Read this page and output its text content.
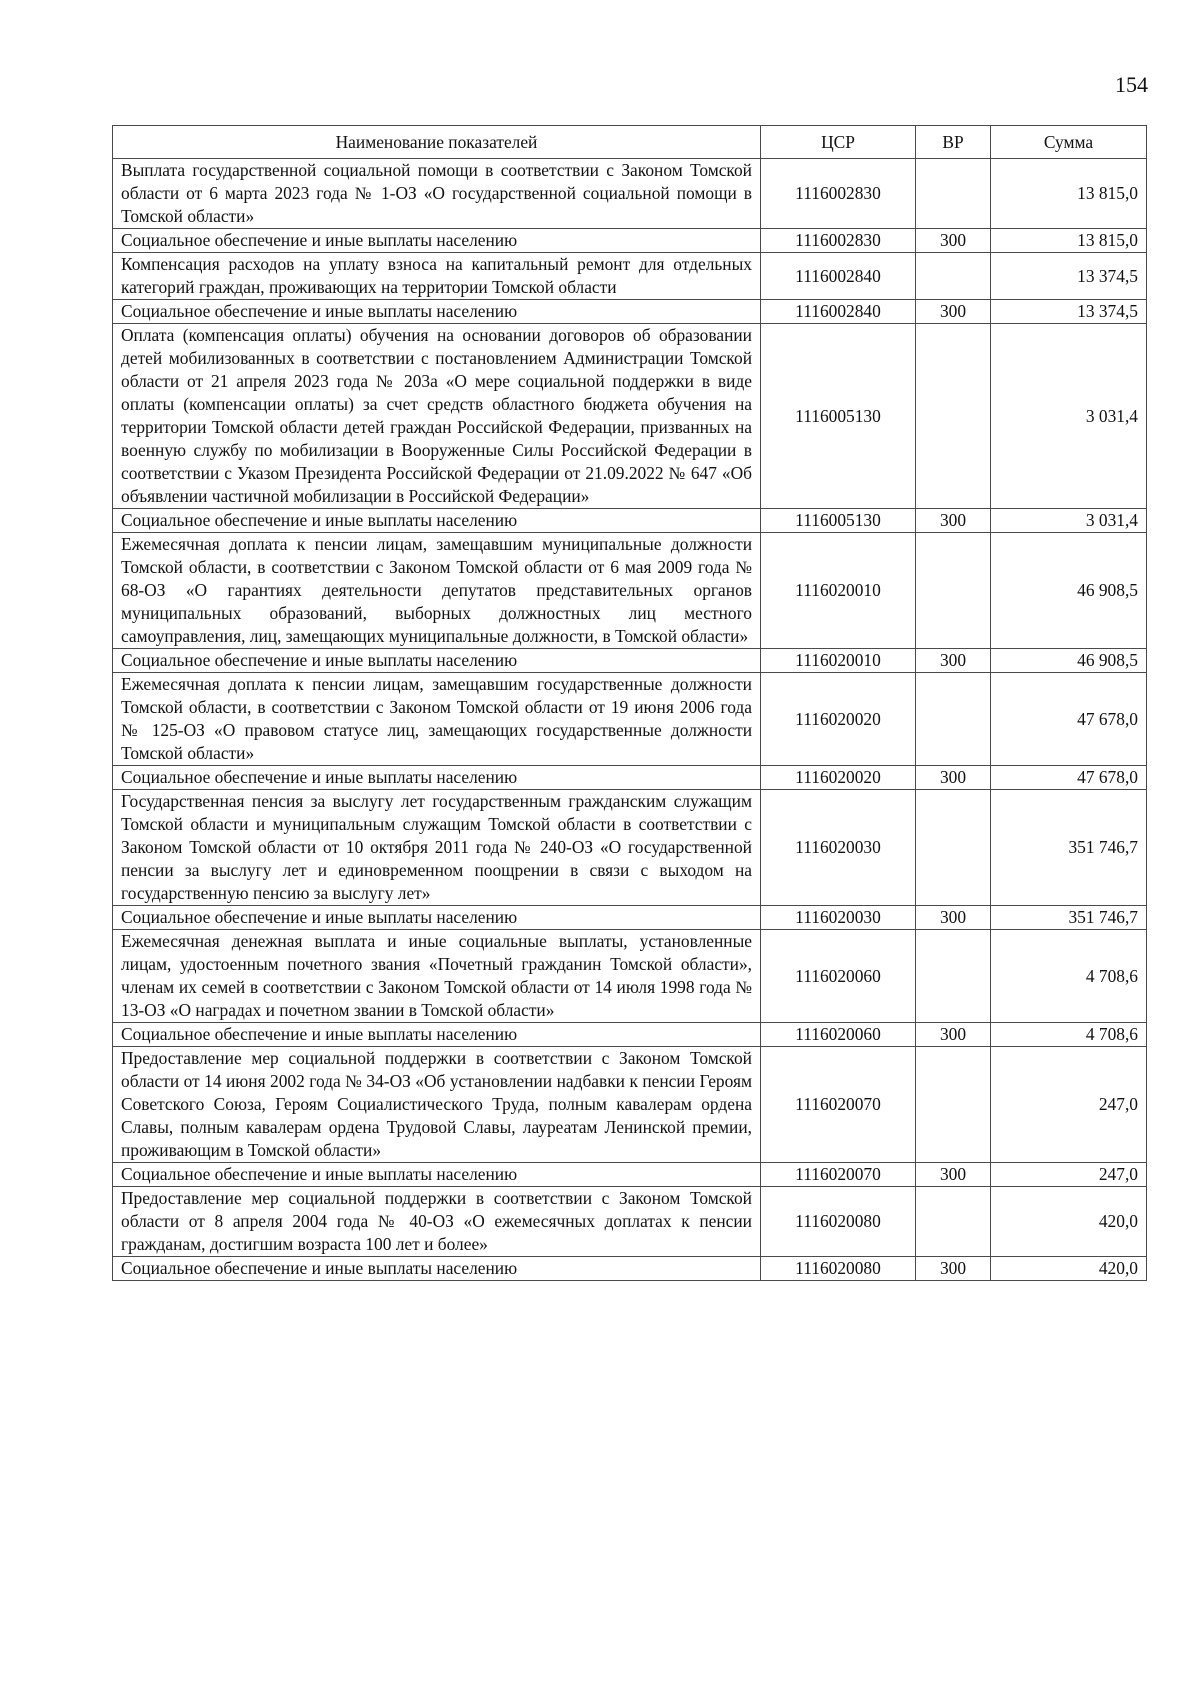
154
Наименование показателей	ЦСР	ВР	Сумма
Выплата государственной социальной помощи в соответствии с Законом Томской области от 6 марта 2023 года № 1-ОЗ «О государственной социальной помощи в Томской области»	1116002830		13 815,0
Социальное обеспечение и иные выплаты населению	1116002830	300	13 815,0
Компенсация расходов на уплату взноса на капитальный ремонт для отдельных категорий граждан, проживающих на территории Томской области	1116002840		13 374,5
Социальное обеспечение и иные выплаты населению	1116002840	300	13 374,5
Оплата (компенсация оплаты) обучения на основании договоров об образовании детей мобилизованных в соответствии с постановлением Администрации Томской области от 21 апреля 2023 года № 203а «О мере социальной поддержки в виде оплаты (компенсации оплаты) за счет средств областного бюджета обучения на территории Томской области детей граждан Российской Федерации, призванных на военную службу по мобилизации в Вооруженные Силы Российской Федерации в соответствии с Указом Президента Российской Федерации от 21.09.2022 № 647 «Об объявлении частичной мобилизации в Российской Федерации»	1116005130		3 031,4
Социальное обеспечение и иные выплаты населению	1116005130	300	3 031,4
Ежемесячная доплата к пенсии лицам, замещавшим муниципальные должности Томской области, в соответствии с Законом Томской области от 6 мая 2009 года № 68-ОЗ «О гарантиях деятельности депутатов представительных органов муниципальных образований, выборных должностных лиц местного самоуправления, лиц, замещающих муниципальные должности, в Томской области»	1116020010		46 908,5
Социальное обеспечение и иные выплаты населению	1116020010	300	46 908,5
Ежемесячная доплата к пенсии лицам, замещавшим государственные должности Томской области, в соответствии с Законом Томской области от 19 июня 2006 года № 125-ОЗ «О правовом статусе лиц, замещающих государственные должности Томской области»	1116020020		47 678,0
Социальное обеспечение и иные выплаты населению	1116020020	300	47 678,0
Государственная пенсия за выслугу лет государственным гражданским служащим Томской области и муниципальным служащим Томской области в соответствии с Законом Томской области от 10 октября 2011 года № 240-ОЗ «О государственной пенсии за выслугу лет и единовременном поощрении в связи с выходом на государственную пенсию за выслугу лет»	1116020030		351 746,7
Социальное обеспечение и иные выплаты населению	1116020030	300	351 746,7
Ежемесячная денежная выплата и иные социальные выплаты, установленные лицам, удостоенным почетного звания «Почетный гражданин Томской области», членам их семей в соответствии с Законом Томской области от 14 июля 1998 года № 13-ОЗ «О наградах и почетном звании в Томской области»	1116020060		4 708,6
Социальное обеспечение и иные выплаты населению	1116020060	300	4 708,6
Предоставление мер социальной поддержки в соответствии с Законом Томской области от 14 июня 2002 года № 34-ОЗ «Об установлении надбавки к пенсии Героям Советского Союза, Героям Социалистического Труда, полным кавалерам ордена Славы, полным кавалерам ордена Трудовой Славы, лауреатам Ленинской премии, проживающим в Томской области»	1116020070		247,0
Социальное обеспечение и иные выплаты населению	1116020070	300	247,0
Предоставление мер социальной поддержки в соответствии с Законом Томской области от 8 апреля 2004 года № 40-ОЗ «О ежемесячных доплатах к пенсии гражданам, достигшим возраста 100 лет и более»	1116020080		420,0
Социальное обеспечение и иные выплаты населению	1116020080	300	420,0
